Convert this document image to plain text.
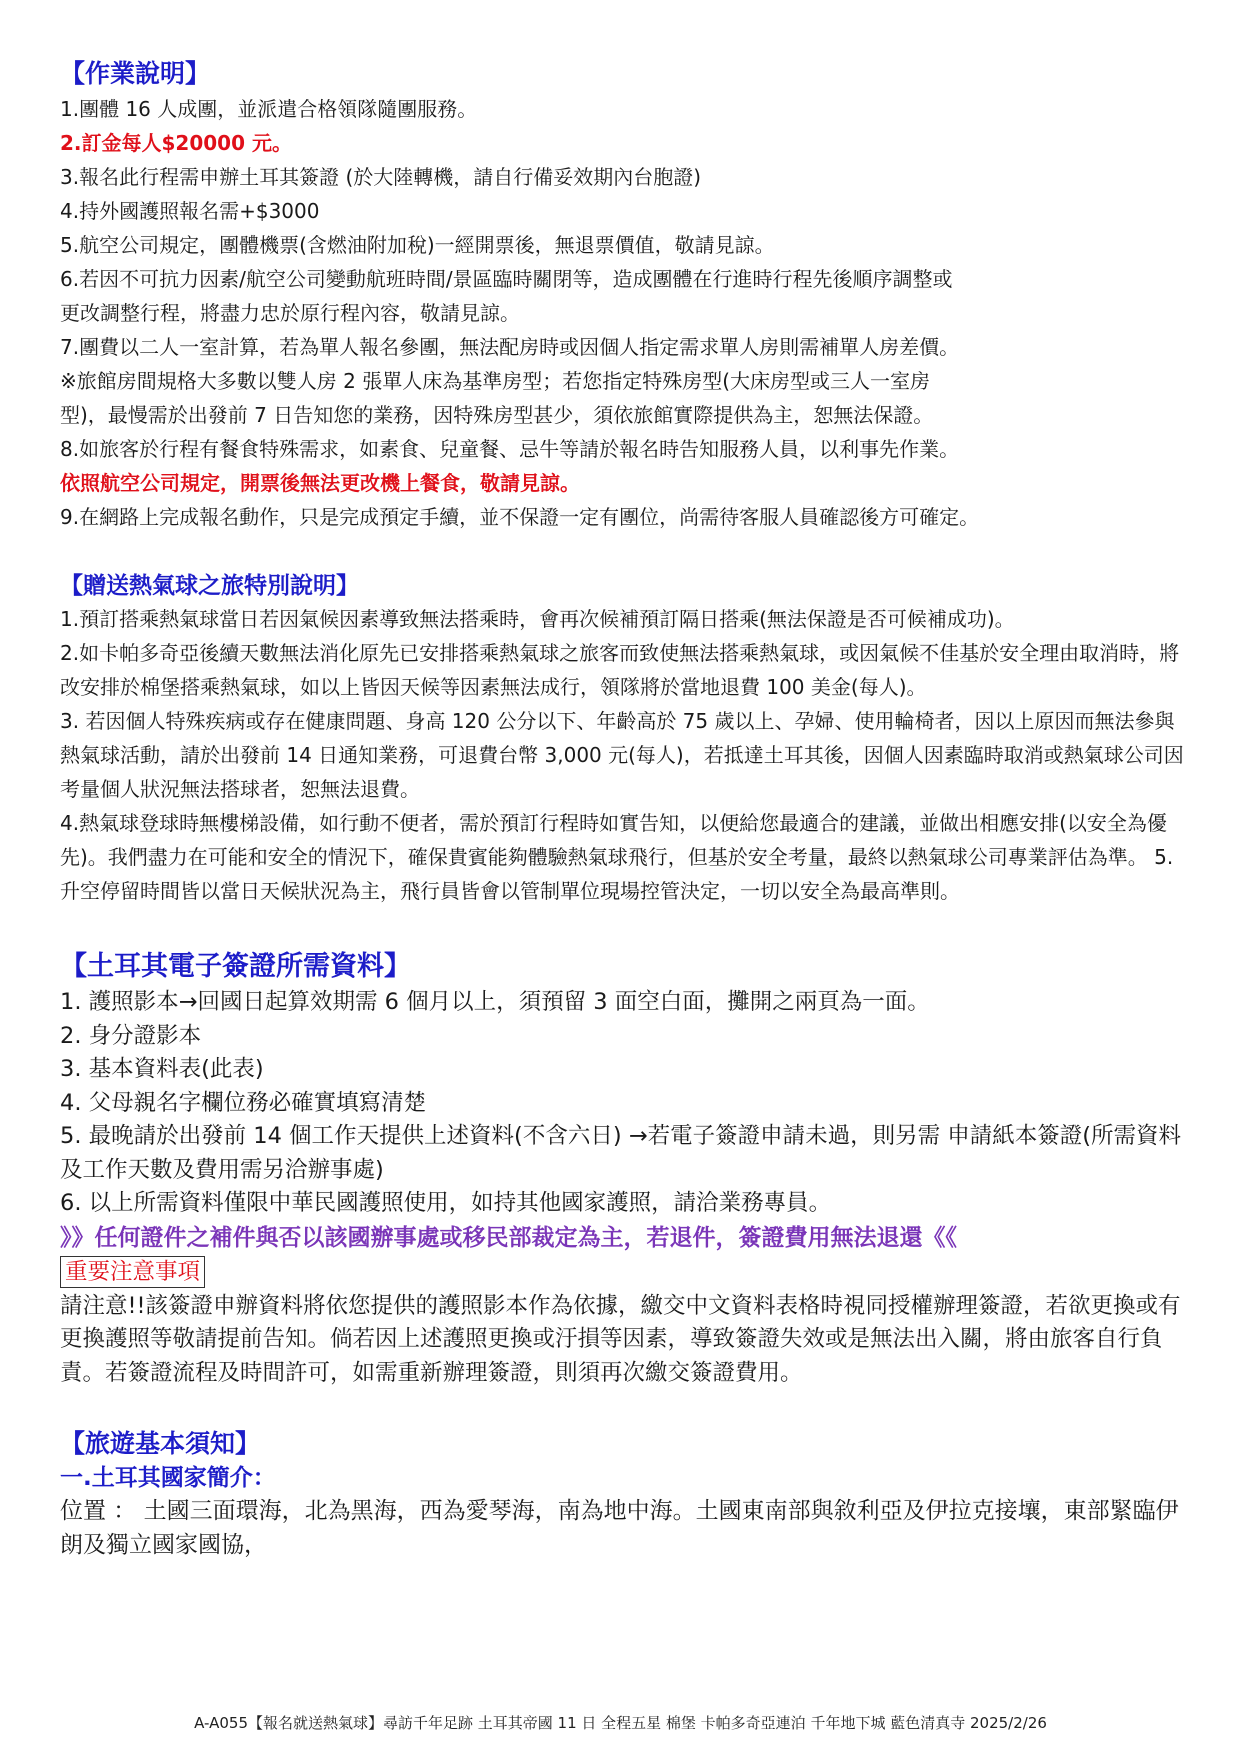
【作業說明】

1.團體 16 人成團，並派遣合格領隊隨團服務。

2.訂金每人$20000 元。

3.報名此行程需申辦土耳其簽證 (於大陸轉機，請自行備妥效期內台胞證)

4.持外國護照報名需+$3000

5.航空公司規定，團體機票(含燃油附加稅)一經開票後，無退票價值，敬請見諒。

6.若因不可抗力因素/航空公司變動航班時間/景區臨時關閉等，造成團體在行進時行程先後順序調整或

更改調整行程，將盡力忠於原行程內容，敬請見諒。

7.團費以二人一室計算，若為單人報名參團，無法配房時或因個人指定需求單人房則需補單人房差價。

※旅館房間規格大多數以雙人房 2 張單人床為基準房型；若您指定特殊房型(大床房型或三人一室房

型)，最慢需於出發前 7 日告知您的業務，因特殊房型甚少，須依旅館實際提供為主，恕無法保證。

8.如旅客於行程有餐食特殊需求，如素食、兒童餐、忌牛等請於報名時告知服務人員，以利事先作業。

依照航空公司規定，開票後無法更改機上餐食，敬請見諒。

9.在網路上完成報名動作，只是完成預定手續，並不保證一定有團位，尚需待客服人員確認後方可確定。

【贈送熱氣球之旅特別說明】

1.預訂搭乘熱氣球當日若因氣候因素導致無法搭乘時，會再次候補預訂隔日搭乘(無法保證是否可候補成功)。

2.如卡帕多奇亞後續天數無法消化原先已安排搭乘熱氣球之旅客而致使無法搭乘熱氣球，或因氣候不佳基於安全理由取消時，將改安排於棉堡搭乘熱氣球，如以上皆因天候等因素無法成行，領隊將於當地退費 100 美金(每人)。

3. 若因個人特殊疾病或存在健康問題、身高 120 公分以下、年齡高於 75 歲以上、孕婦、使用輪椅者，因以上原因而無法參與熱氣球活動，請於出發前 14 日通知業務，可退費台幣 3,000 元(每人)，若抵達土耳其後，因個人因素臨時取消或熱氣球公司因考量個人狀況無法搭球者，恕無法退費。

4.熱氣球登球時無樓梯設備，如行動不便者，需於預訂行程時如實告知，以便給您最適合的建議，並做出相應安排(以安全為優先)。我們盡力在可能和安全的情況下，確保貴賓能夠體驗熱氣球飛行，但基於安全考量，最終以熱氣球公司專業評估為準。 5.升空停留時間皆以當日天候狀況為主，飛行員皆會以管制單位現場控管決定，一切以安全為最高準則。

【土耳其電子簽證所需資料】

1. 護照影本→回國日起算效期需 6 個月以上，須預留 3 面空白面，攤開之兩頁為一面。

2. 身分證影本

3. 基本資料表(此表)

4. 父母親名字欄位務必確實填寫清楚

5. 最晚請於出發前 14 個工作天提供上述資料(不含六日) →若電子簽證申請未過，則另需 申請紙本簽證(所需資料及工作天數及費用需另洽辦事處)

6. 以上所需資料僅限中華民國護照使用，如持其他國家護照，請洽業務專員。

》》任何證件之補件與否以該國辦事處或移民部裁定為主，若退件，簽證費用無法退還《《
重要注意事項

請注意!!該簽證申辦資料將依您提供的護照影本作為依據，繳交中文資料表格時視同授權辦理簽證，若欲更換或有更換護照等敬請提前告知。倘若因上述護照更換或汙損等因素，導致簽證失效或是無法出入關，將由旅客自行負責。若簽證流程及時間許可，如需重新辦理簽證，則須再次繳交簽證費用。

【旅遊基本須知】
一.土耳其國家簡介：

位置 ： 土國三面環海，北為黑海，西為愛琴海，南為地中海。土國東南部與敘利亞及伊拉克接壤，東部緊臨伊朗及獨立國家國協，

A-A055【報名就送熱氣球】尋訪千年足跡 土耳其帝國 11 日 全程五星 棉堡 卡帕多奇亞連泊 千年地下城 藍色清真寺 2025/2/26
